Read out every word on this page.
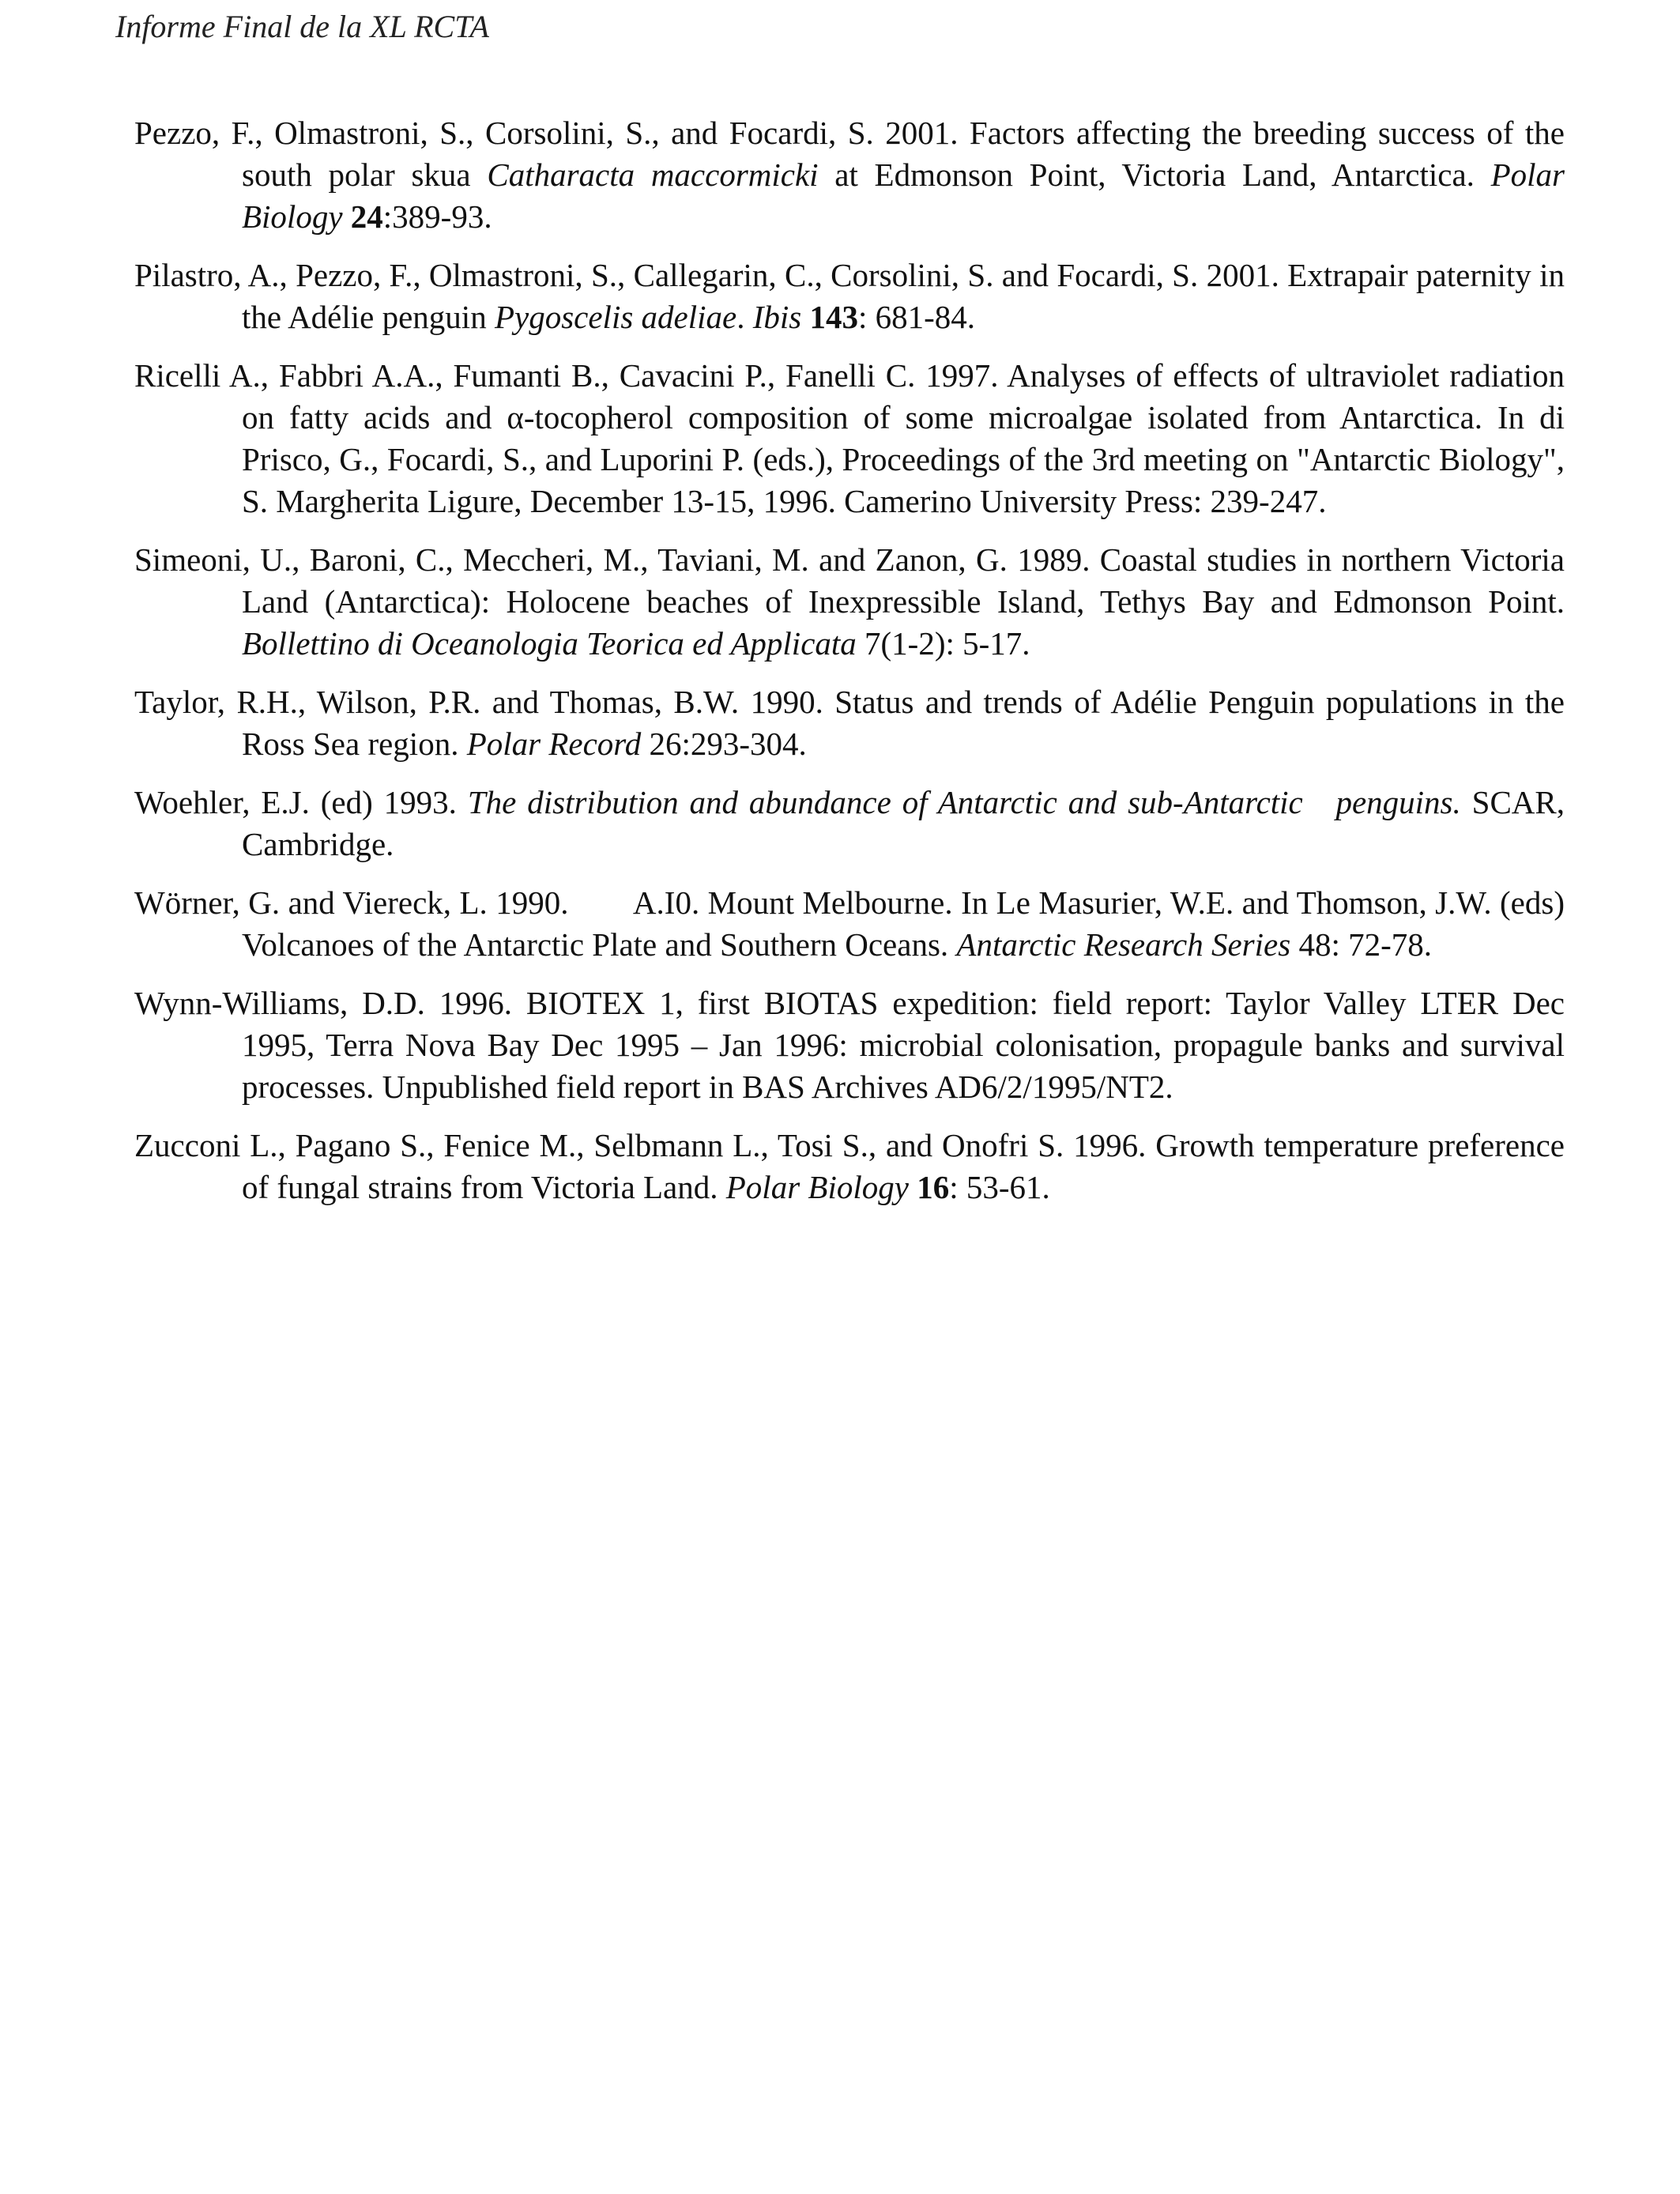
Informe Final de la XL RCTA

Pezzo, F., Olmastroni, S., Corsolini, S., and Focardi, S. 2001. Factors affecting the breeding success of the south polar skua Catharacta maccormicki at Edmonson Point, Victoria Land, Antarctica. Polar Biology 24:389-93.

Pilastro, A., Pezzo, F., Olmastroni, S., Callegarin, C., Corsolini, S. and Focardi, S. 2001. Extrapair paternity in the Adélie penguin Pygoscelis adeliae. Ibis 143: 681-84.

Ricelli A., Fabbri A.A., Fumanti B., Cavacini P., Fanelli C. 1997. Analyses of effects of ultraviolet radiation on fatty acids and α-tocopherol composition of some microalgae isolated from Antarctica. In di Prisco, G., Focardi, S., and Luporini P. (eds.), Proceedings of the 3rd meeting on "Antarctic Biology", S. Margherita Ligure, December 13-15, 1996. Camerino University Press: 239-247.

Simeoni, U., Baroni, C., Meccheri, M., Taviani, M. and Zanon, G. 1989. Coastal studies in northern Victoria Land (Antarctica): Holocene beaches of Inexpressible Island, Tethys Bay and Edmonson Point. Bollettino di Oceanologia Teorica ed Applicata 7(1-2): 5-17.

Taylor, R.H., Wilson, P.R. and Thomas, B.W. 1990. Status and trends of Adélie Penguin populations in the Ross Sea region. Polar Record 26:293-304.

Woehler, E.J. (ed) 1993. The distribution and abundance of Antarctic and sub-Antarctic   penguins. SCAR, Cambridge.

Wörner, G. and Viereck, L. 1990.        A.I0. Mount Melbourne. In Le Masurier, W.E. and Thomson, J.W. (eds) Volcanoes of the Antarctic Plate and Southern Oceans. Antarctic Research Series 48: 72-78.

Wynn-Williams, D.D. 1996. BIOTEX 1, first BIOTAS expedition: field report: Taylor Valley LTER Dec 1995, Terra Nova Bay Dec 1995 – Jan 1996: microbial colonisation, propagule banks and survival processes. Unpublished field report in BAS Archives AD6/2/1995/NT2.

Zucconi L., Pagano S., Fenice M., Selbmann L., Tosi S., and Onofri S. 1996. Growth temperature preference of fungal strains from Victoria Land. Polar Biology 16: 53-61.
